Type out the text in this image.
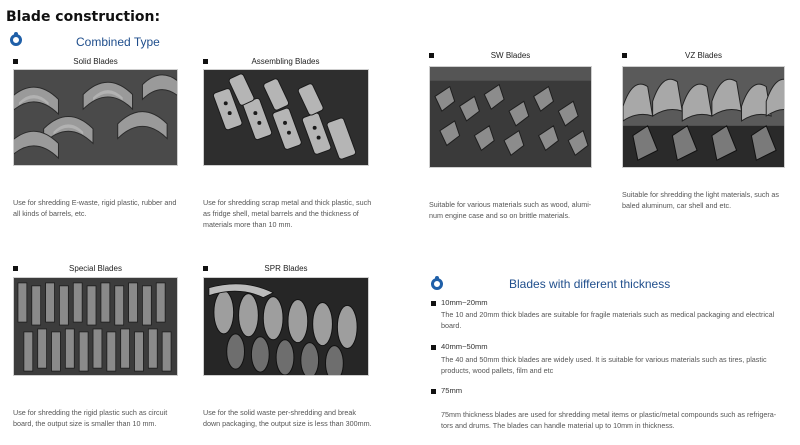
Blade construction:
Combined Type
Solid Blades
Use for shredding E-waste, rigid plastic, rubber and
all kinds of barrels, etc.
Assembling Blades
Use for shredding scrap metal and thick plastic, such
as fridge shell, metal barrels and the thickness of
materials more than 10 mm.
SW Blades
Suitable for various materials such as wood, alumi-
num engine case and so on brittle materials.
VZ Blades
Suitable for shredding the light materials, such as
baled aluminum, car shell and etc.
Special Blades
Use for shredding the rigid plastic such as circuit
board, the output size is smaller than 10 mm.
SPR Blades
Use for the solid waste per-shredding and break
down packaging, the output size is less than 300mm.
Blades with different thickness
10mm~20mm
The 10 and 20mm thick blades are suitable for fragile materials such as medical packaging and electrical
board.
40mm~50mm
The 40 and 50mm thick blades are widely used. It is suitable for various materials such as tires, plastic
products, wood pallets, film and etc
75mm
75mm thickness blades are used for shredding metal items or plastic/metal compounds such as refrigera-
tors and drums. The blades can handle material up to 10mm in thickness.
